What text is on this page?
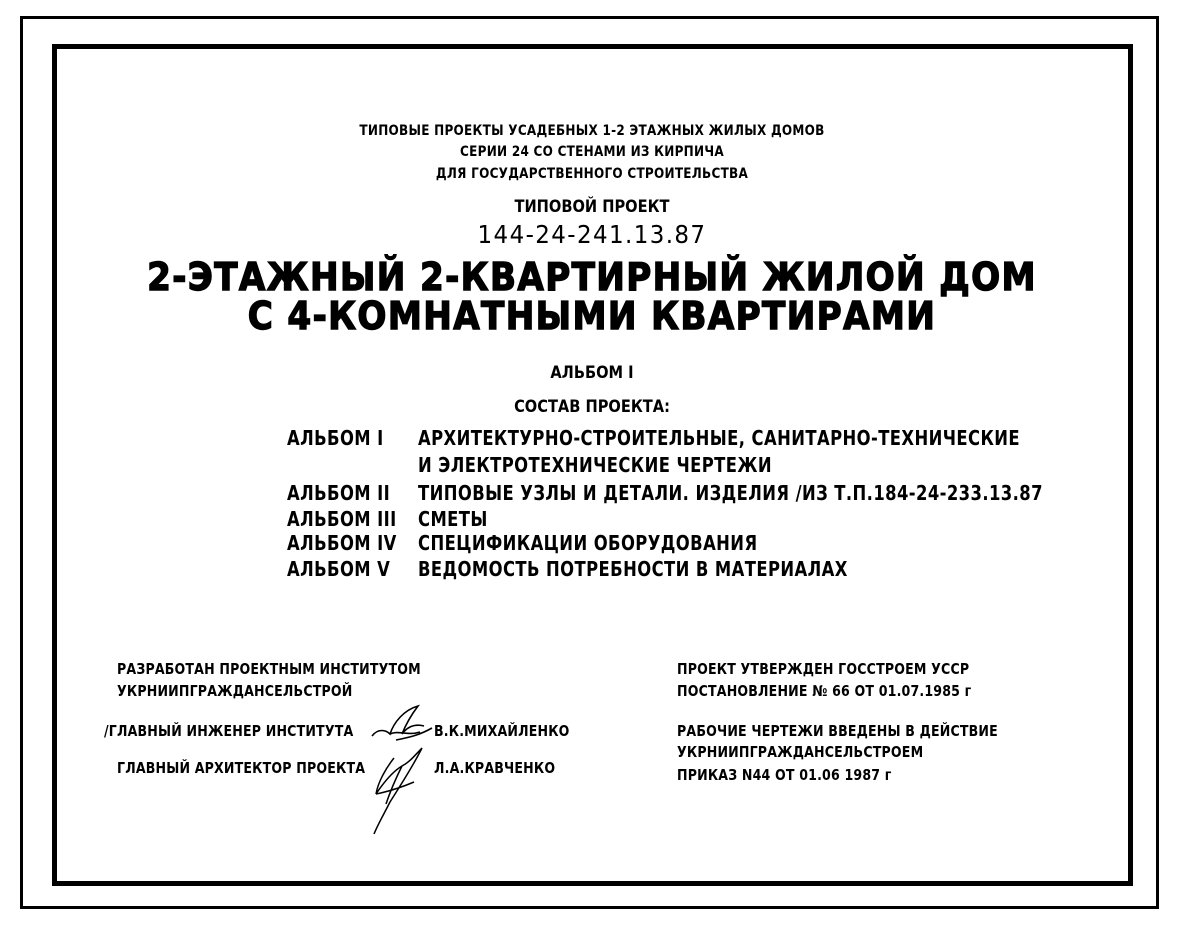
ТИПОВЫЕ ПРОЕКТЫ УСАДЕБНЫХ 1-2 ЭТАЖНЫХ ЖИЛЫХ ДОМОВ
СЕРИИ 24 СО СТЕНАМИ ИЗ КИРПИЧА
ДЛЯ ГОСУДАРСТВЕННОГО СТРОИТЕЛЬСТВА
ТИПОВОЙ ПРОЕКТ
144-24-241.13.87
2-ЭТАЖНЫЙ 2-КВАРТИРНЫЙ ЖИЛОЙ ДОМ
С 4-КОМНАТНЫМИ КВАРТИРАМИ
АЛЬБОМ I
СОСТАВ ПРОЕКТА:
АЛЬБОМ I АРХИТЕКТУРНО-СТРОИТЕЛЬНЫЕ, САНИТАРНО-ТЕХНИЧЕСКИЕ
И ЭЛЕКТРОТЕХНИЧЕСКИЕ ЧЕРТЕЖИ
АЛЬБОМ II ТИПОВЫЕ УЗЛЫ И ДЕТАЛИ. ИЗДЕЛИЯ /ИЗ Т.П.184-24-233.13.87
АЛЬБОМ III СМЕТЫ
АЛЬБОМ IV СПЕЦИФИКАЦИИ ОБОРУДОВАНИЯ
АЛЬБОМ V ВЕДОМОСТЬ ПОТРЕБНОСТИ В МАТЕРИАЛАХ
РАЗРАБОТАН ПРОЕКТНЫМ ИНСТИТУТОМ
УКРНИИПГРАЖДАНСЕЛЬСТРОЙ
/ГЛАВНЫЙ ИНЖЕНЕР ИНСТИТУТА	В.К.МИХАЙЛЕНКО
ГЛАВНЫЙ АРХИТЕКТОР ПРОЕКТА	Л.А.КРАВЧЕНКО
ПРОЕКТ УТВЕРЖДЕН ГОССТРОЕМ УССР
ПОСТАНОВЛЕНИЕ № 66 ОТ 01.07.1985 г
РАБОЧИЕ ЧЕРТЕЖИ ВВЕДЕНЫ В ДЕЙСТВИЕ
УКРНИИПГРАЖДАНСЕЛЬСТРОЕМ
ПРИКАЗ N44 ОТ 01.06 1987 г
